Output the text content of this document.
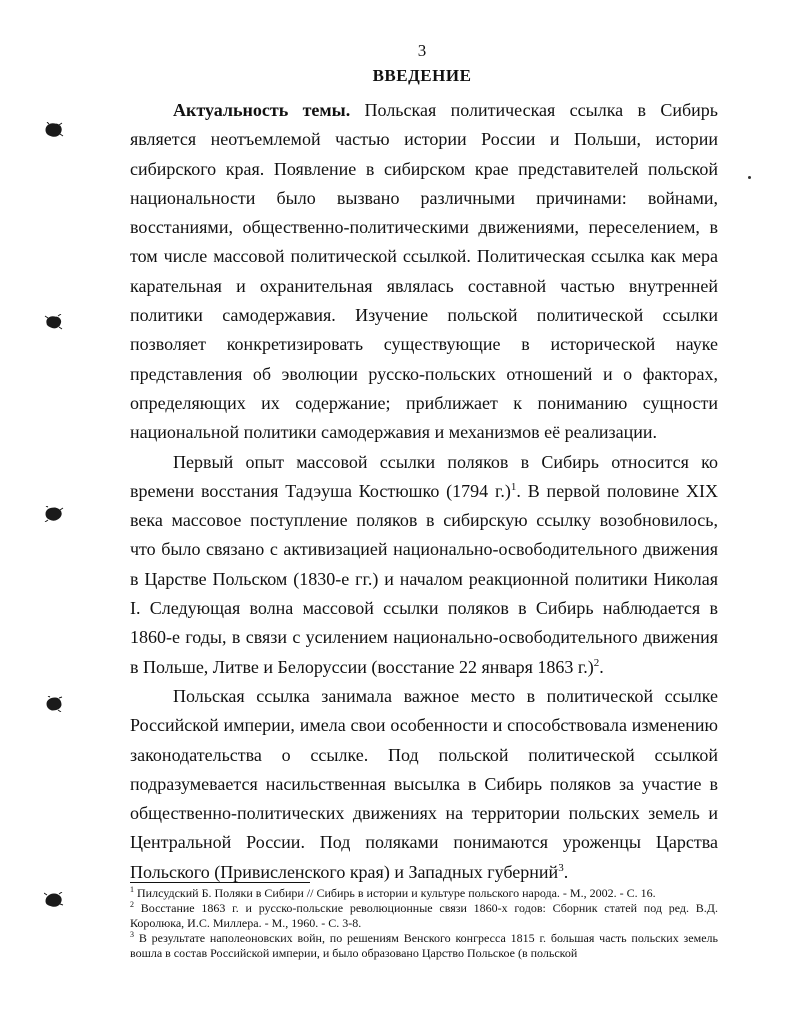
3
ВВЕДЕНИЕ

Актуальность темы. Польская политическая ссылка в Сибирь является неотъемлемой частью истории России и Польши, истории сибирского края. Появление в сибирском крае представителей польской национальности было вызвано различными причинами: войнами, восстаниями, общественно-политическими движениями, переселением, в том числе массовой политической ссылкой. Политическая ссылка как мера карательная и охранительная являлась составной частью внутренней политики самодержавия. Изучение польской политической ссылки позволяет конкретизировать существующие в исторической науке представления об эволюции русско-польских отношений и о факторах, определяющих их содержание; приближает к пониманию сущности национальной политики самодержавия и механизмов её реализации.

Первый опыт массовой ссылки поляков в Сибирь относится ко времени восстания Тадэуша Костюшко (1794 г.)$^1$. В первой половине XIX века массовое поступление поляков в сибирскую ссылку возобновилось, что было связано с активизацией национально-освободительного движения в Царстве Польском (1830-е гг.) и началом реакционной политики Николая I. Следующая волна массовой ссылки поляков в Сибирь наблюдается в 1860-е годы, в связи с усилением национально-освободительного движения в Польше, Литве и Белоруссии (восстание 22 января 1863 г.)$^2$.

Польская ссылка занимала важное место в политической ссылке Российской империи, имела свои особенности и способствовала изменению законодательства о ссылке. Под польской политической ссылкой подразумевается насильственная высылка в Сибирь поляков за участие в общественно-политических движениях на территории польских земель и Центральной России. Под поляками понимаются уроженцы Царства Польского (Привисленского края) и Западных губерний$^3$.

$^1$ Пилсудский Б. Поляки в Сибири // Сибирь в истории и культуре польского народа. - М., 2002. - С. 16.

$^2$ Восстание 1863 г. и русско-польские революционные связи 1860-х годов: Сборник статей под ред. В.Д. Королюка, И.С. Миллера. - М., 1960. - С. 3-8.

$^3$ В результате наполеоновских войн, по решениям Венского конгресса 1815 г. большая часть польских земель вошла в состав Российской империи, и было образовано Царство Польское (в польской
